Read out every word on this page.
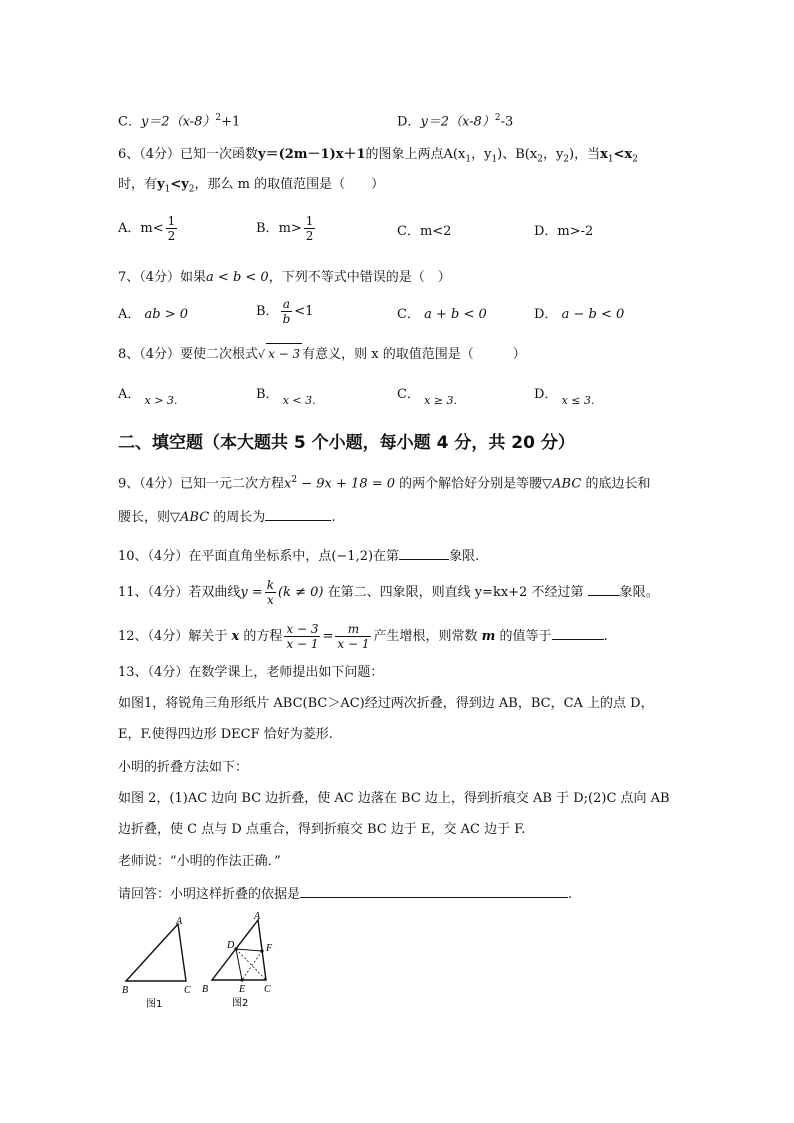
C．$y=2(x-8)^2+1$	D．$y=2(x-8)^2-3$
6、（4分）已知一次函数y＝(2m－1)x＋1的图象上两点$A(x_1$，$y_1$)、$B(x_2$，$y_2$)，当$x_1<x_2$
时，有$y_1<y_2$，那么 m 的取值范围是（　　）
A．$m< \frac{1}{2}$	B．$m> \frac{1}{2}$	C．m<2	D．m>-2
7、（4分）如果a < b < 0，下列不等式中错误的是（　）
A． ab > 0	B． $\frac{a}{b} <1$	C． a + b < 0	D． a − b < 0
8、（4分）要使二次根式√ x − 3 有意义，则 x 的取值范围是（　　　）
A． $_{x > 3.}$	B． $_{x < 3.}$	C． $_{x \ge 3.}$	D． $_{x \le 3.}$
二、填空题（本大题共 5 个小题，每小题 4 分，共 20 分）
9、（4分）已知一元二次方程$x^2 - 9x + 18 = 0$ 的两个解恰好分别是等腰▽ABC 的底边长和
腰长，则▽ABC 的周长为	.
10、（4分）在平面直角坐标系中，点(−1,2)在第	象限.
11、（4分）若双曲线$y = \frac{k}{x} (k \ne 0)$ 在第二、四象限，则直线 y=kx+2 不经过第	象限。
12、（4分）解关于 x 的方程 $\frac{x - 3}{x - 1} = \frac{m}{x - 1}$ 产生增根，则常数 m 的值等于	.
13、（4分）在数学课上，老师提出如下问题：
如图1，将锐角三角形纸片 ABC(BC＞AC)经过两次折叠，得到边 AB，BC，CA 上的点 D，
E，F.使得四边形 DECF 恰好为菱形.
小明的折叠方法如下：
如图 2，(1)AC 边向 BC 边折叠，使 AC 边落在 BC 边上，得到折痕交 AB 于 D;(2)C 点向 AB
边折叠，使 C 点与 D 点重合，得到折痕交 BC 边于 E，交 AC 边于 F.
老师说：“小明的作法正确．”
请回答：小明这样折叠的依据是	.
A
B	C
图1
A
B	C
D
E
F
图2
